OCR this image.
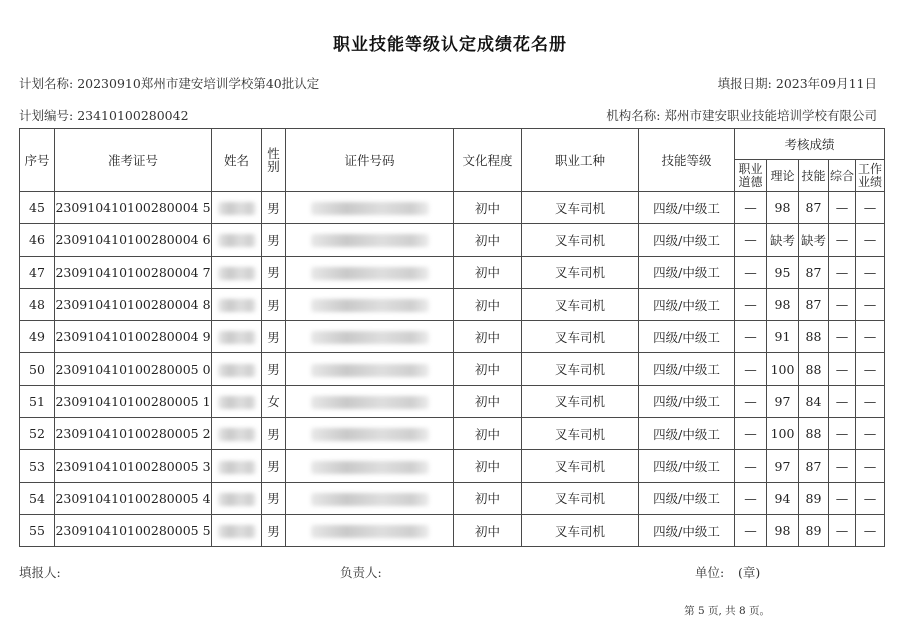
职业技能等级认定成绩花名册
计划名称: 20230910郑州市建安培训学校第40批认定	填报日期: 2023年09月11日
计划编号: 23410100280042	机构名称: 郑州市建安职业技能培训学校有限公司
序号	准考证号	姓名	性别	证件号码	文化程度	职业工种	技能等级	考核成绩				
								职业道德	理论	技能	综合	工作业绩
45	230910410100280004 5		男		初中	叉车司机	四级/中级工	—	98	87	—	—
46	230910410100280004 6		男		初中	叉车司机	四级/中级工	—	缺考	缺考	—	—
47	230910410100280004 7		男		初中	叉车司机	四级/中级工	—	95	87	—	—
48	230910410100280004 8		男		初中	叉车司机	四级/中级工	—	98	87	—	—
49	230910410100280004 9		男		初中	叉车司机	四级/中级工	—	91	88	—	—
50	230910410100280005 0		男		初中	叉车司机	四级/中级工	—	100	88	—	—
51	230910410100280005 1		女		初中	叉车司机	四级/中级工	—	97	84	—	—
52	230910410100280005 2		男		初中	叉车司机	四级/中级工	—	100	88	—	—
53	230910410100280005 3		男		初中	叉车司机	四级/中级工	—	97	87	—	—
54	230910410100280005 4		男		初中	叉车司机	四级/中级工	—	94	89	—	—
55	230910410100280005 5		男		初中	叉车司机	四级/中级工	—	98	89	—	—
填报人:	负责人:	单位: (章)
第 5 页, 共 8 页。
